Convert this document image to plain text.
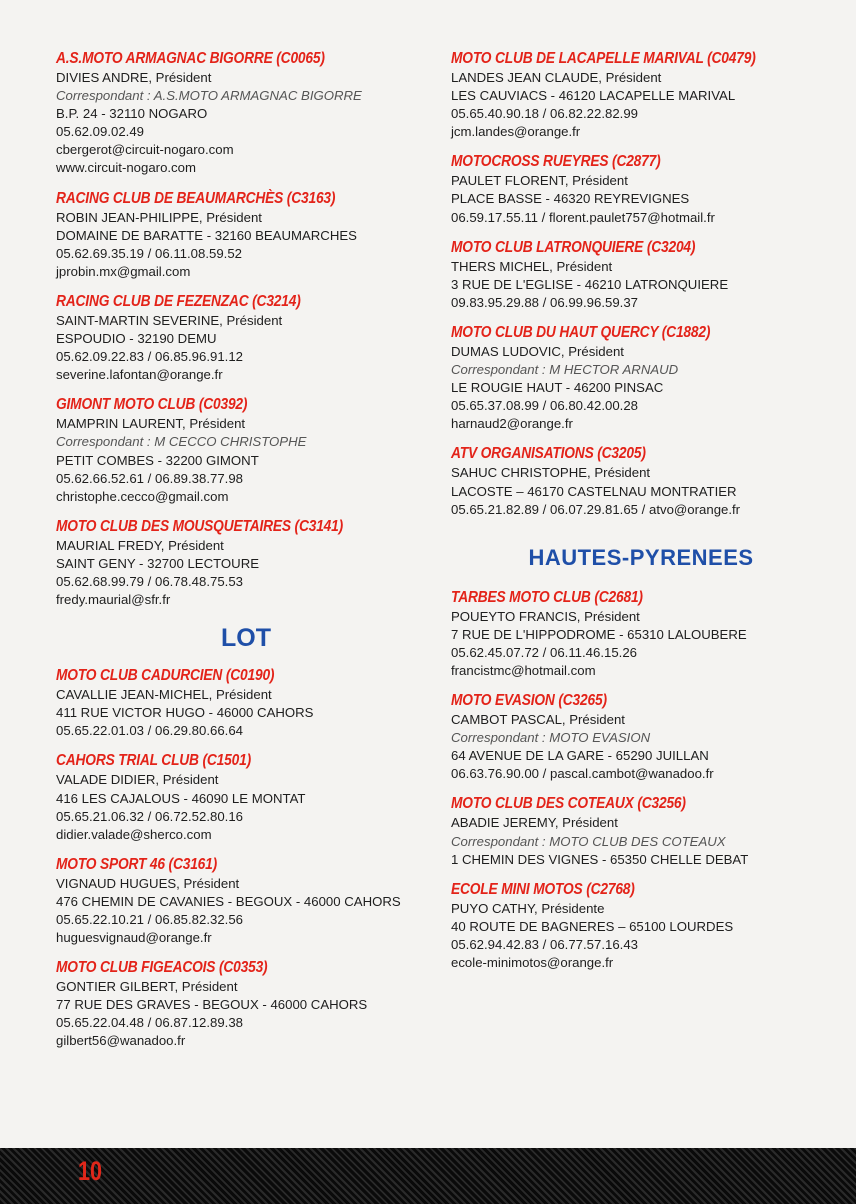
A.S.MOTO ARMAGNAC BIGORRE (C0065)
DIVIES ANDRE, Président
Correspondant : A.S.MOTO ARMAGNAC BIGORRE
B.P. 24 - 32110 NOGARO
05.62.09.02.49
cbergerot@circuit-nogaro.com
www.circuit-nogaro.com
RACING CLUB DE BEAUMARCHÈS (C3163)
ROBIN JEAN-PHILIPPE, Président
DOMAINE DE BARATTE - 32160 BEAUMARCHES
05.62.69.35.19 / 06.11.08.59.52
jprobin.mx@gmail.com
RACING CLUB DE FEZENZAC (C3214)
SAINT-MARTIN SEVERINE, Président
ESPOUDIO - 32190 DEMU
05.62.09.22.83 / 06.85.96.91.12
severine.lafontan@orange.fr
GIMONT MOTO CLUB (C0392)
MAMPRIN LAURENT, Président
Correspondant : M CECCO CHRISTOPHE
PETIT COMBES - 32200 GIMONT
05.62.66.52.61 / 06.89.38.77.98
christophe.cecco@gmail.com
MOTO CLUB DES MOUSQUETAIRES (C3141)
MAURIAL FREDY, Président
SAINT GENY - 32700 LECTOURE
05.62.68.99.79 / 06.78.48.75.53
fredy.maurial@sfr.fr
LOT
MOTO CLUB CADURCIEN (C0190)
CAVALLIE JEAN-MICHEL, Président
411 RUE VICTOR HUGO - 46000 CAHORS
05.65.22.01.03 / 06.29.80.66.64
CAHORS TRIAL CLUB (C1501)
VALADE DIDIER, Président
416 LES CAJALOUS - 46090 LE MONTAT
05.65.21.06.32 / 06.72.52.80.16
didier.valade@sherco.com
MOTO SPORT 46 (C3161)
VIGNAUD HUGUES, Président
476 CHEMIN DE CAVANIES - BEGOUX - 46000 CAHORS
05.65.22.10.21 / 06.85.82.32.56
huguesvignaud@orange.fr
MOTO CLUB FIGEACOIS (C0353)
GONTIER GILBERT, Président
77 RUE DES GRAVES - BEGOUX - 46000 CAHORS
05.65.22.04.48 / 06.87.12.89.38
gilbert56@wanadoo.fr
MOTO CLUB DE LACAPELLE MARIVAL (C0479)
LANDES JEAN CLAUDE, Président
LES CAUVIACS - 46120 LACAPELLE MARIVAL
05.65.40.90.18 / 06.82.22.82.99
jcm.landes@orange.fr
MOTOCROSS RUEYRES (C2877)
PAULET FLORENT, Président
PLACE BASSE - 46320 REYREVIGNES
06.59.17.55.11 / florent.paulet757@hotmail.fr
MOTO CLUB LATRONQUIERE (C3204)
THERS MICHEL, Président
3 RUE DE L'EGLISE - 46210 LATRONQUIERE
09.83.95.29.88 / 06.99.96.59.37
MOTO CLUB DU HAUT QUERCY (C1882)
DUMAS LUDOVIC, Président
Correspondant : M HECTOR ARNAUD
LE ROUGIE HAUT - 46200 PINSAC
05.65.37.08.99 / 06.80.42.00.28
harnaud2@orange.fr
ATV ORGANISATIONS (C3205)
SAHUC CHRISTOPHE, Président
LACOSTE – 46170 CASTELNAU MONTRATIER
05.65.21.82.89 / 06.07.29.81.65 / atvo@orange.fr
HAUTES-PYRENEES
TARBES MOTO CLUB (C2681)
POUEYTO FRANCIS, Président
7 RUE DE L'HIPPODROME - 65310 LALOUBERE
05.62.45.07.72 / 06.11.46.15.26
francistmc@hotmail.com
MOTO EVASION (C3265)
CAMBOT PASCAL, Président
Correspondant : MOTO EVASION
64 AVENUE DE LA GARE - 65290 JUILLAN
06.63.76.90.00 / pascal.cambot@wanadoo.fr
MOTO CLUB DES COTEAUX (C3256)
ABADIE JEREMY, Président
Correspondant : MOTO CLUB DES COTEAUX
1 CHEMIN DES VIGNES - 65350 CHELLE DEBAT
ECOLE MINI MOTOS (C2768)
PUYO CATHY, Présidente
40 ROUTE DE BAGNERES – 65100 LOURDES
05.62.94.42.83 / 06.77.57.16.43
ecole-minimotos@orange.fr
10
